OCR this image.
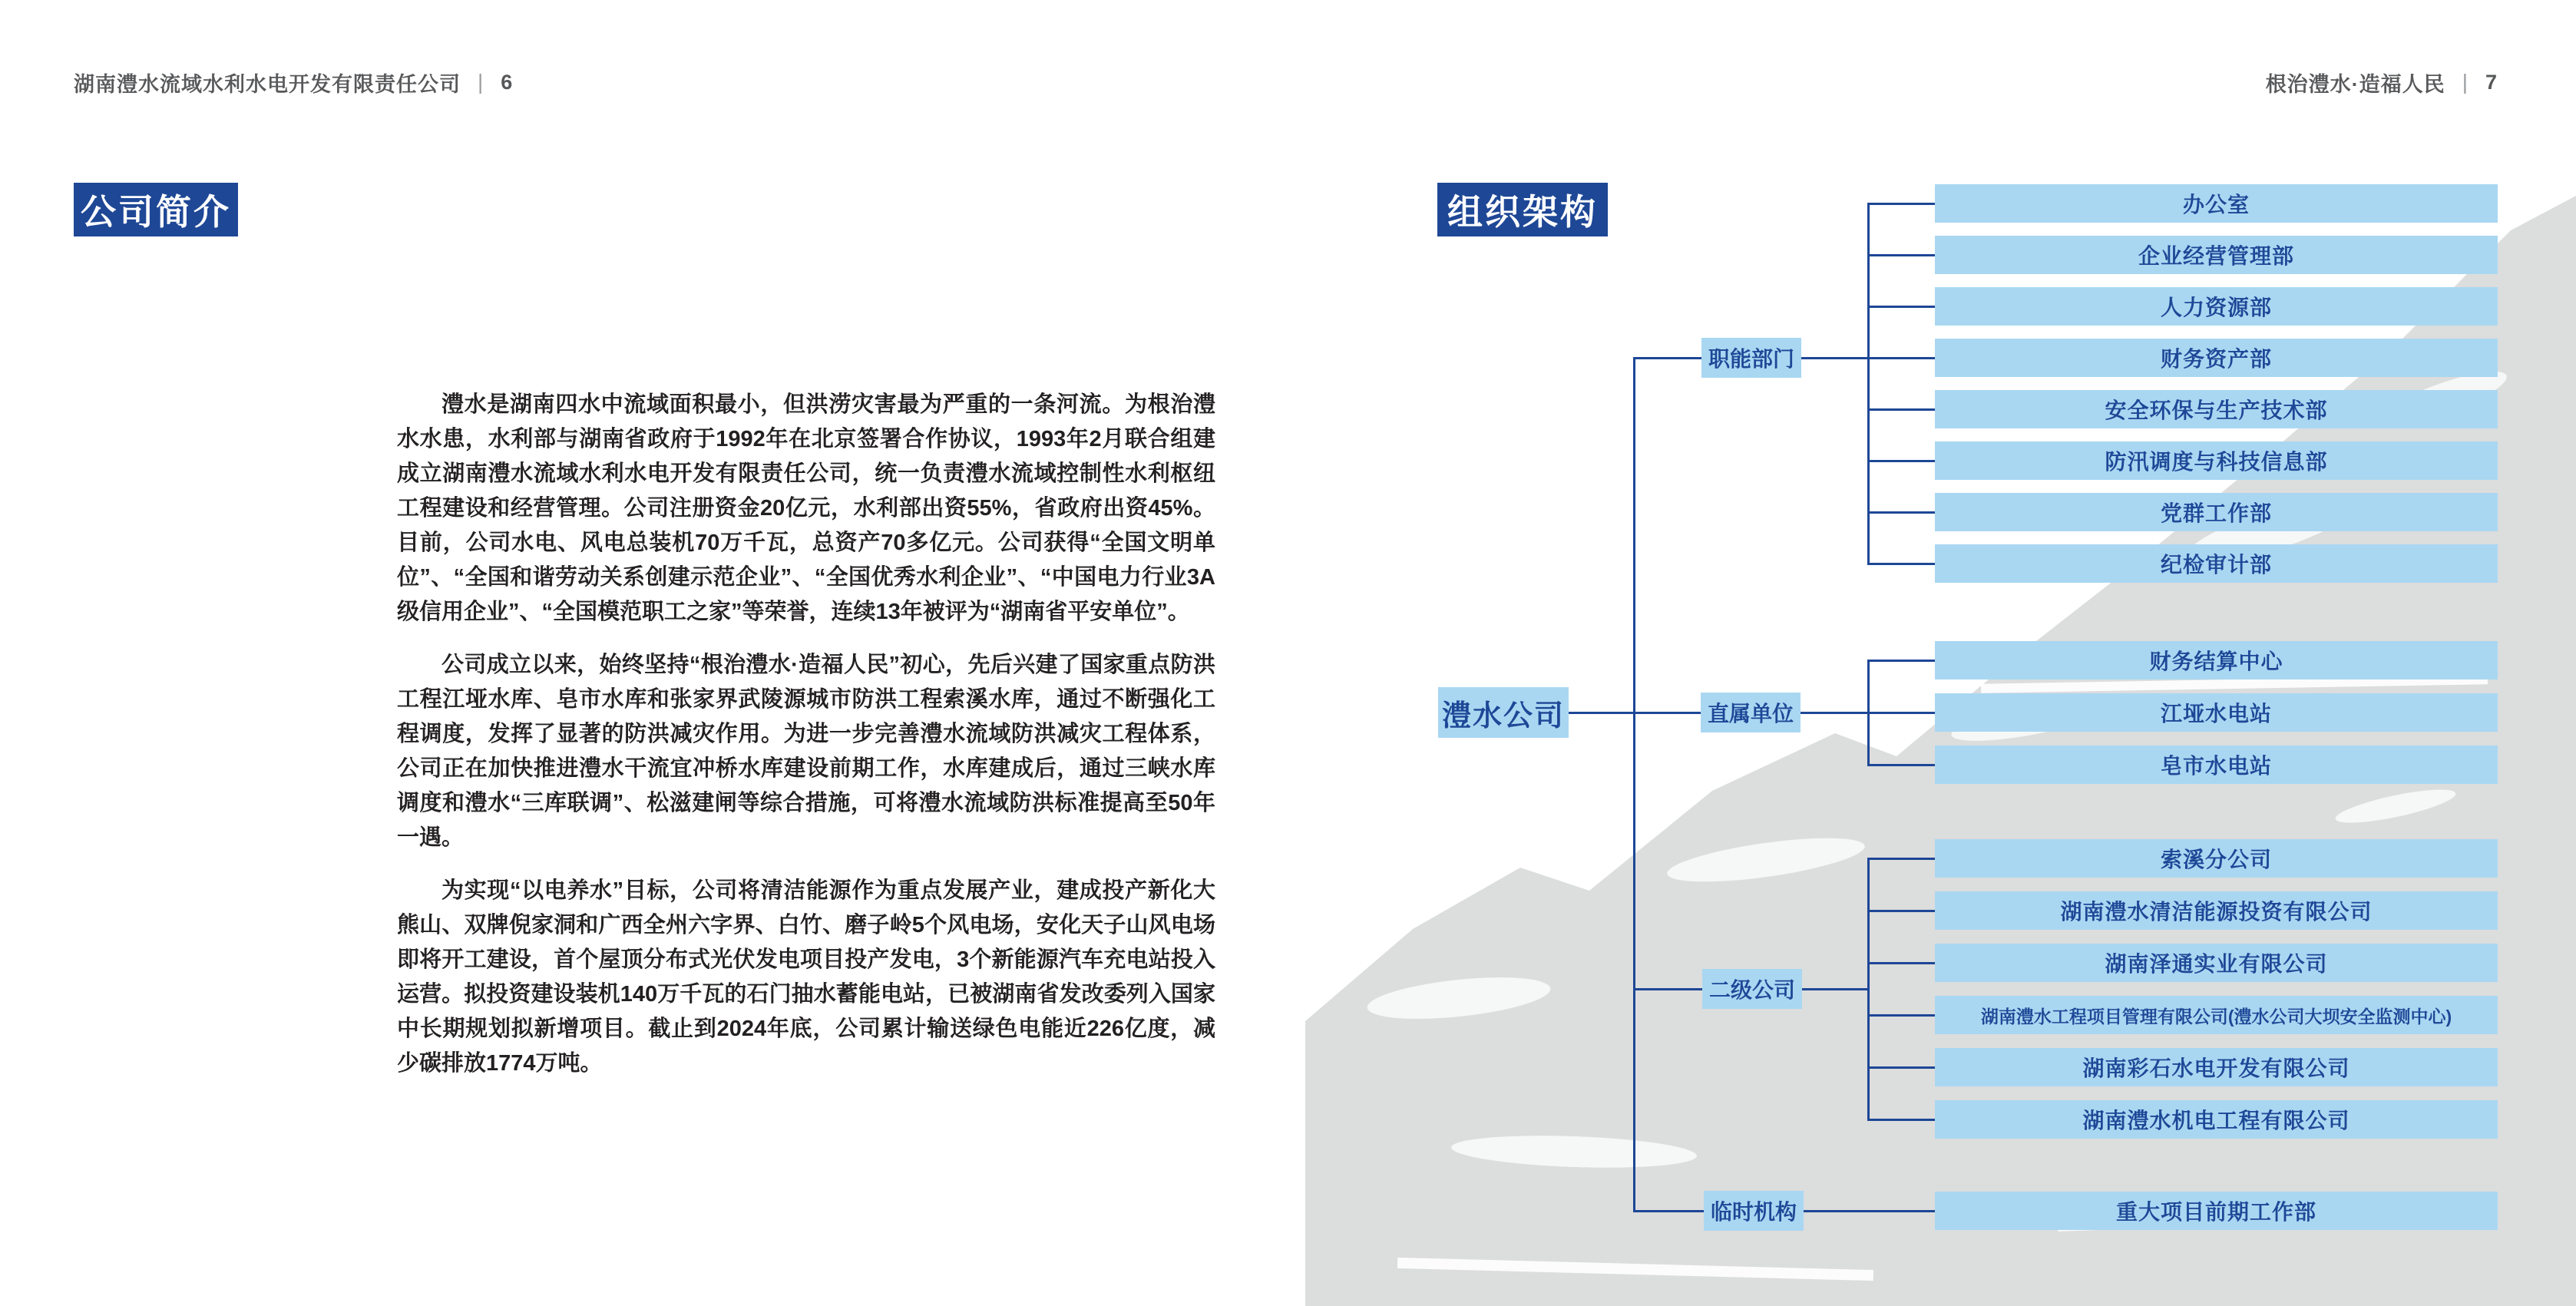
湖南澧水流域水利水电开发有限责任公司 | 6	根治澧水·造福人民 | 7
公司简介

澧水是湖南四水中流域面积最小，但洪涝灾害最为严重的一条河流。为根治澧水水患，水利部与湖南省政府于1992年在北京签署合作协议，1993年2月联合组建成立湖南澧水流域水利水电开发有限责任公司，统一负责澧水流域控制性水利枢纽工程建设和经营管理。公司注册资金20亿元，水利部出资55%，省政府出资45%。目前，公司水电、风电总装机70万千瓦，总资产70多亿元。公司获得“全国文明单位”、“全国和谐劳动关系创建示范企业”、“全国优秀水利企业”、“中国电力行业3A级信用企业”、“全国模范职工之家”等荣誉，连续13年被评为“湖南省平安单位”。

公司成立以来，始终坚持“根治澧水·造福人民”初心，先后兴建了国家重点防洪工程江垭水库、皂市水库和张家界武陵源城市防洪工程索溪水库，通过不断强化工程调度，发挥了显著的防洪减灾作用。为进一步完善澧水流域防洪减灾工程体系，公司正在加快推进澧水干流宜冲桥水库建设前期工作，水库建成后，通过三峡水库调度和澧水“三库联调”、松滋建闸等综合措施，可将澧水流域防洪标准提高至50年一遇。

为实现“以电养水”目标，公司将清洁能源作为重点发展产业，建成投产新化大熊山、双牌倪家洞和广西全州六字界、白竹、磨子岭5个风电场，安化天子山风电场即将开工建设，首个屋顶分布式光伏发电项目投产发电，3个新能源汽车充电站投入运营。拟投资建设装机140万千瓦的石门抽水蓄能电站，已被湖南省发改委列入国家中长期规划拟新增项目。截止到2024年底，公司累计输送绿色电能近226亿度，减少碳排放1774万吨。

组织架构
澧水公司
职能部门
直属单位
二级公司
临时机构
办公室
企业经营管理部
人力资源部
财务资产部
安全环保与生产技术部
防汛调度与科技信息部
党群工作部
纪检审计部
财务结算中心
江垭水电站
皂市水电站
索溪分公司
湖南澧水清洁能源投资有限公司
湖南泽通实业有限公司
湖南澧水工程项目管理有限公司(澧水公司大坝安全监测中心)
湖南彩石水电开发有限公司
湖南澧水机电工程有限公司
重大项目前期工作部
